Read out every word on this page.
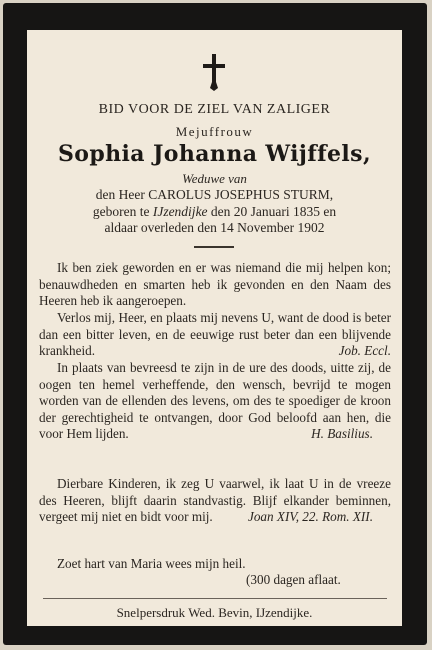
BID VOOR DE ZIEL VAN ZALIGER
Mejuffrouw
Sophia Johanna Wijffels,
Weduwe van
den Heer CAROLUS JOSEPHUS STURM,
geboren te IJzendijke den 20 Januari 1835 en
aldaar overleden den 14 November 1902
Ik ben ziek geworden en er was niemand die mij helpen kon; benauwdheden en smarten heb ik gevonden en den Naam des Heeren heb ik aangeroepen.
Verlos mij, Heer, en plaats mij nevens U, want de dood is beter dan een bitter leven, en de eeuwige rust beter dan een blijvende krankheid.	Job. Eccl.
In plaats van bevreesd te zijn in de ure des doods, uitte zij, de oogen ten hemel verheffende, den wensch, bevrijd te mogen worden van de ellenden des levens, om des te spoediger de kroon der gerechtigheid te ontvangen, door God beloofd aan hen, die voor Hem lijden.	H. Basilius.
Dierbare Kinderen, ik zeg U vaarwel, ik laat U in de vreeze des Heeren, blijft daarin standvastig. Blijf elkander beminnen, vergeet mij niet en bidt voor mij.	Joan XIV, 22. Rom. XII.
Zoet hart van Maria wees mijn heil.
(300 dagen aflaat.
Snelpersdruk Wed. Bevin, IJzendijke.
